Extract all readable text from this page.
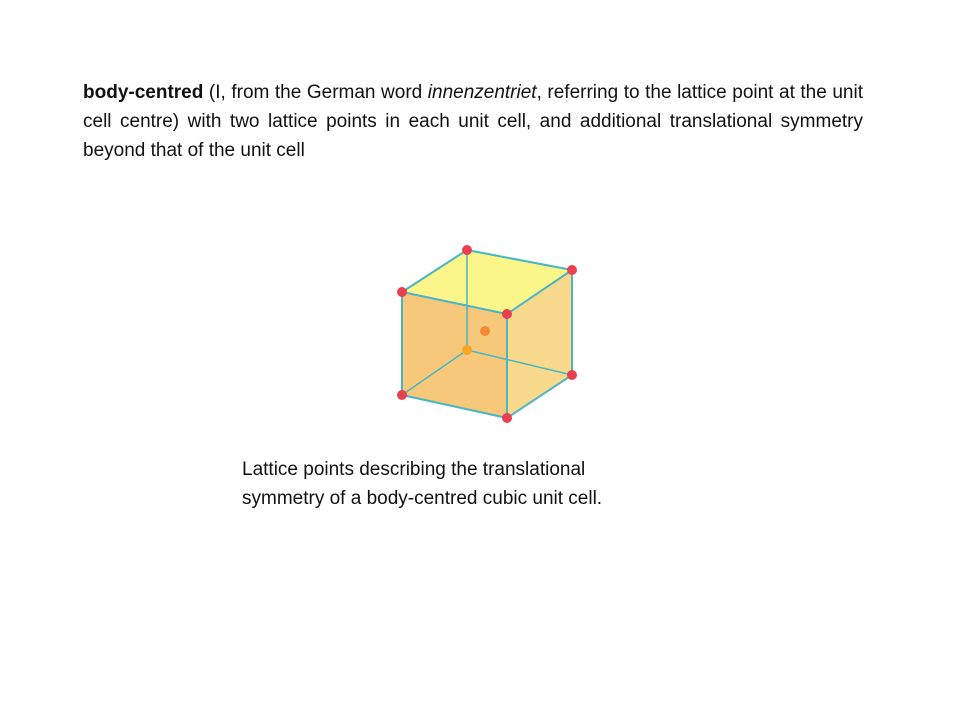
body-centred (I, from the German word innenzentriet, referring to the lattice point at the unit cell centre) with two lattice points in each unit cell, and additional translational symmetry beyond that of the unit cell

Lattice points describing the translational
symmetry of a body-centred cubic unit cell.
